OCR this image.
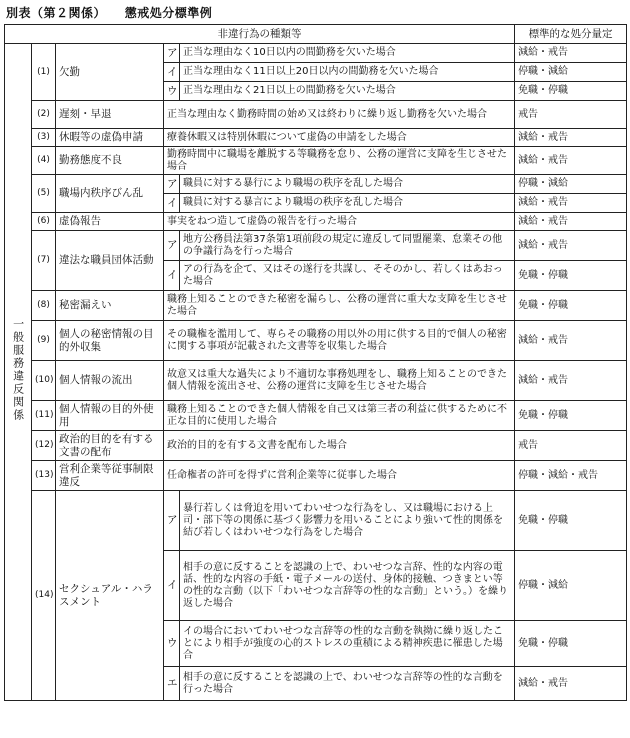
別表（第２関係） 懲戒処分標準例
非違行為の種類等					標準的な処分量定
一般服務違反関係	(1)	欠勤	ア	正当な理由なく10日以内の間勤務を欠いた場合	減給・戒告
			イ	正当な理由なく11日以上20日以内の間勤務を欠いた場合	停職・減給
			ウ	正当な理由なく21日以上の間勤務を欠いた場合	免職・停職
	(2)	遅刻・早退	正当な理由なく勤務時間の始め又は終わりに繰り返し勤務を欠いた場合		戒告
	(3)	休暇等の虚偽申請	療養休暇又は特別休暇について虚偽の申請をした場合		減給・戒告
	(4)	勤務態度不良	勤務時間中に職場を離脱する等職務を怠り、公務の運営に支障を生じさせた場合		減給・戒告
	(5)	職場内秩序びん乱	ア	職員に対する暴行により職場の秩序を乱した場合	停職・減給
			イ	職員に対する暴言により職場の秩序を乱した場合	減給・戒告
	(6)	虚偽報告	事実をねつ造して虚偽の報告を行った場合		減給・戒告
	(7)	違法な職員団体活動	ア	地方公務員法第37条第1項前段の規定に違反して同盟罷業、怠業その他の争議行為を行った場合	減給・戒告
			イ	アの行為を企て、又はその遂行を共謀し、そそのかし、若しくはあおった場合	免職・停職
	(8)	秘密漏えい	職務上知ることのできた秘密を漏らし、公務の運営に重大な支障を生じさせた場合		免職・停職
	(9)	個人の秘密情報の目的外収集	その職権を濫用して、専らその職務の用以外の用に供する目的で個人の秘密に関する事項が記載された文書等を収集した場合		減給・戒告
	(10)	個人情報の流出	故意又は重大な過失により不適切な事務処理をし、職務上知ることのできた個人情報を流出させ、公務の運営に支障を生じさせた場合		減給・戒告
	(11)	個人情報の目的外使用	職務上知ることのできた個人情報を自己又は第三者の利益に供するために不正な目的に使用した場合		免職・停職
	(12)	政治的目的を有する文書の配布	政治的目的を有する文書を配布した場合		戒告
	(13)	営利企業等従事制限違反	任命権者の許可を得ずに営利企業等に従事した場合		停職・減給・戒告
	(14)	セクシュアル・ハラスメント	ア	暴行若しくは脅迫を用いてわいせつな行為をし、又は職場における上司・部下等の関係に基づく影響力を用いることにより強いて性的関係を結び若しくはわいせつな行為をした場合	免職・停職
			イ	相手の意に反することを認識の上で、わいせつな言辞、性的な内容の電話、性的な内容の手紙・電子メールの送付、身体的接触、つきまとい等の性的な言動（以下「わいせつな言辞等の性的な言動」という。）を繰り返した場合	停職・減給
			ウ	イの場合においてわいせつな言辞等の性的な言動を執拗に繰り返したことにより相手が強度の心的ストレスの重積による精神疾患に罹患した場合	免職・停職
			エ	相手の意に反することを認識の上で、わいせつな言辞等の性的な言動を行った場合	減給・戒告
